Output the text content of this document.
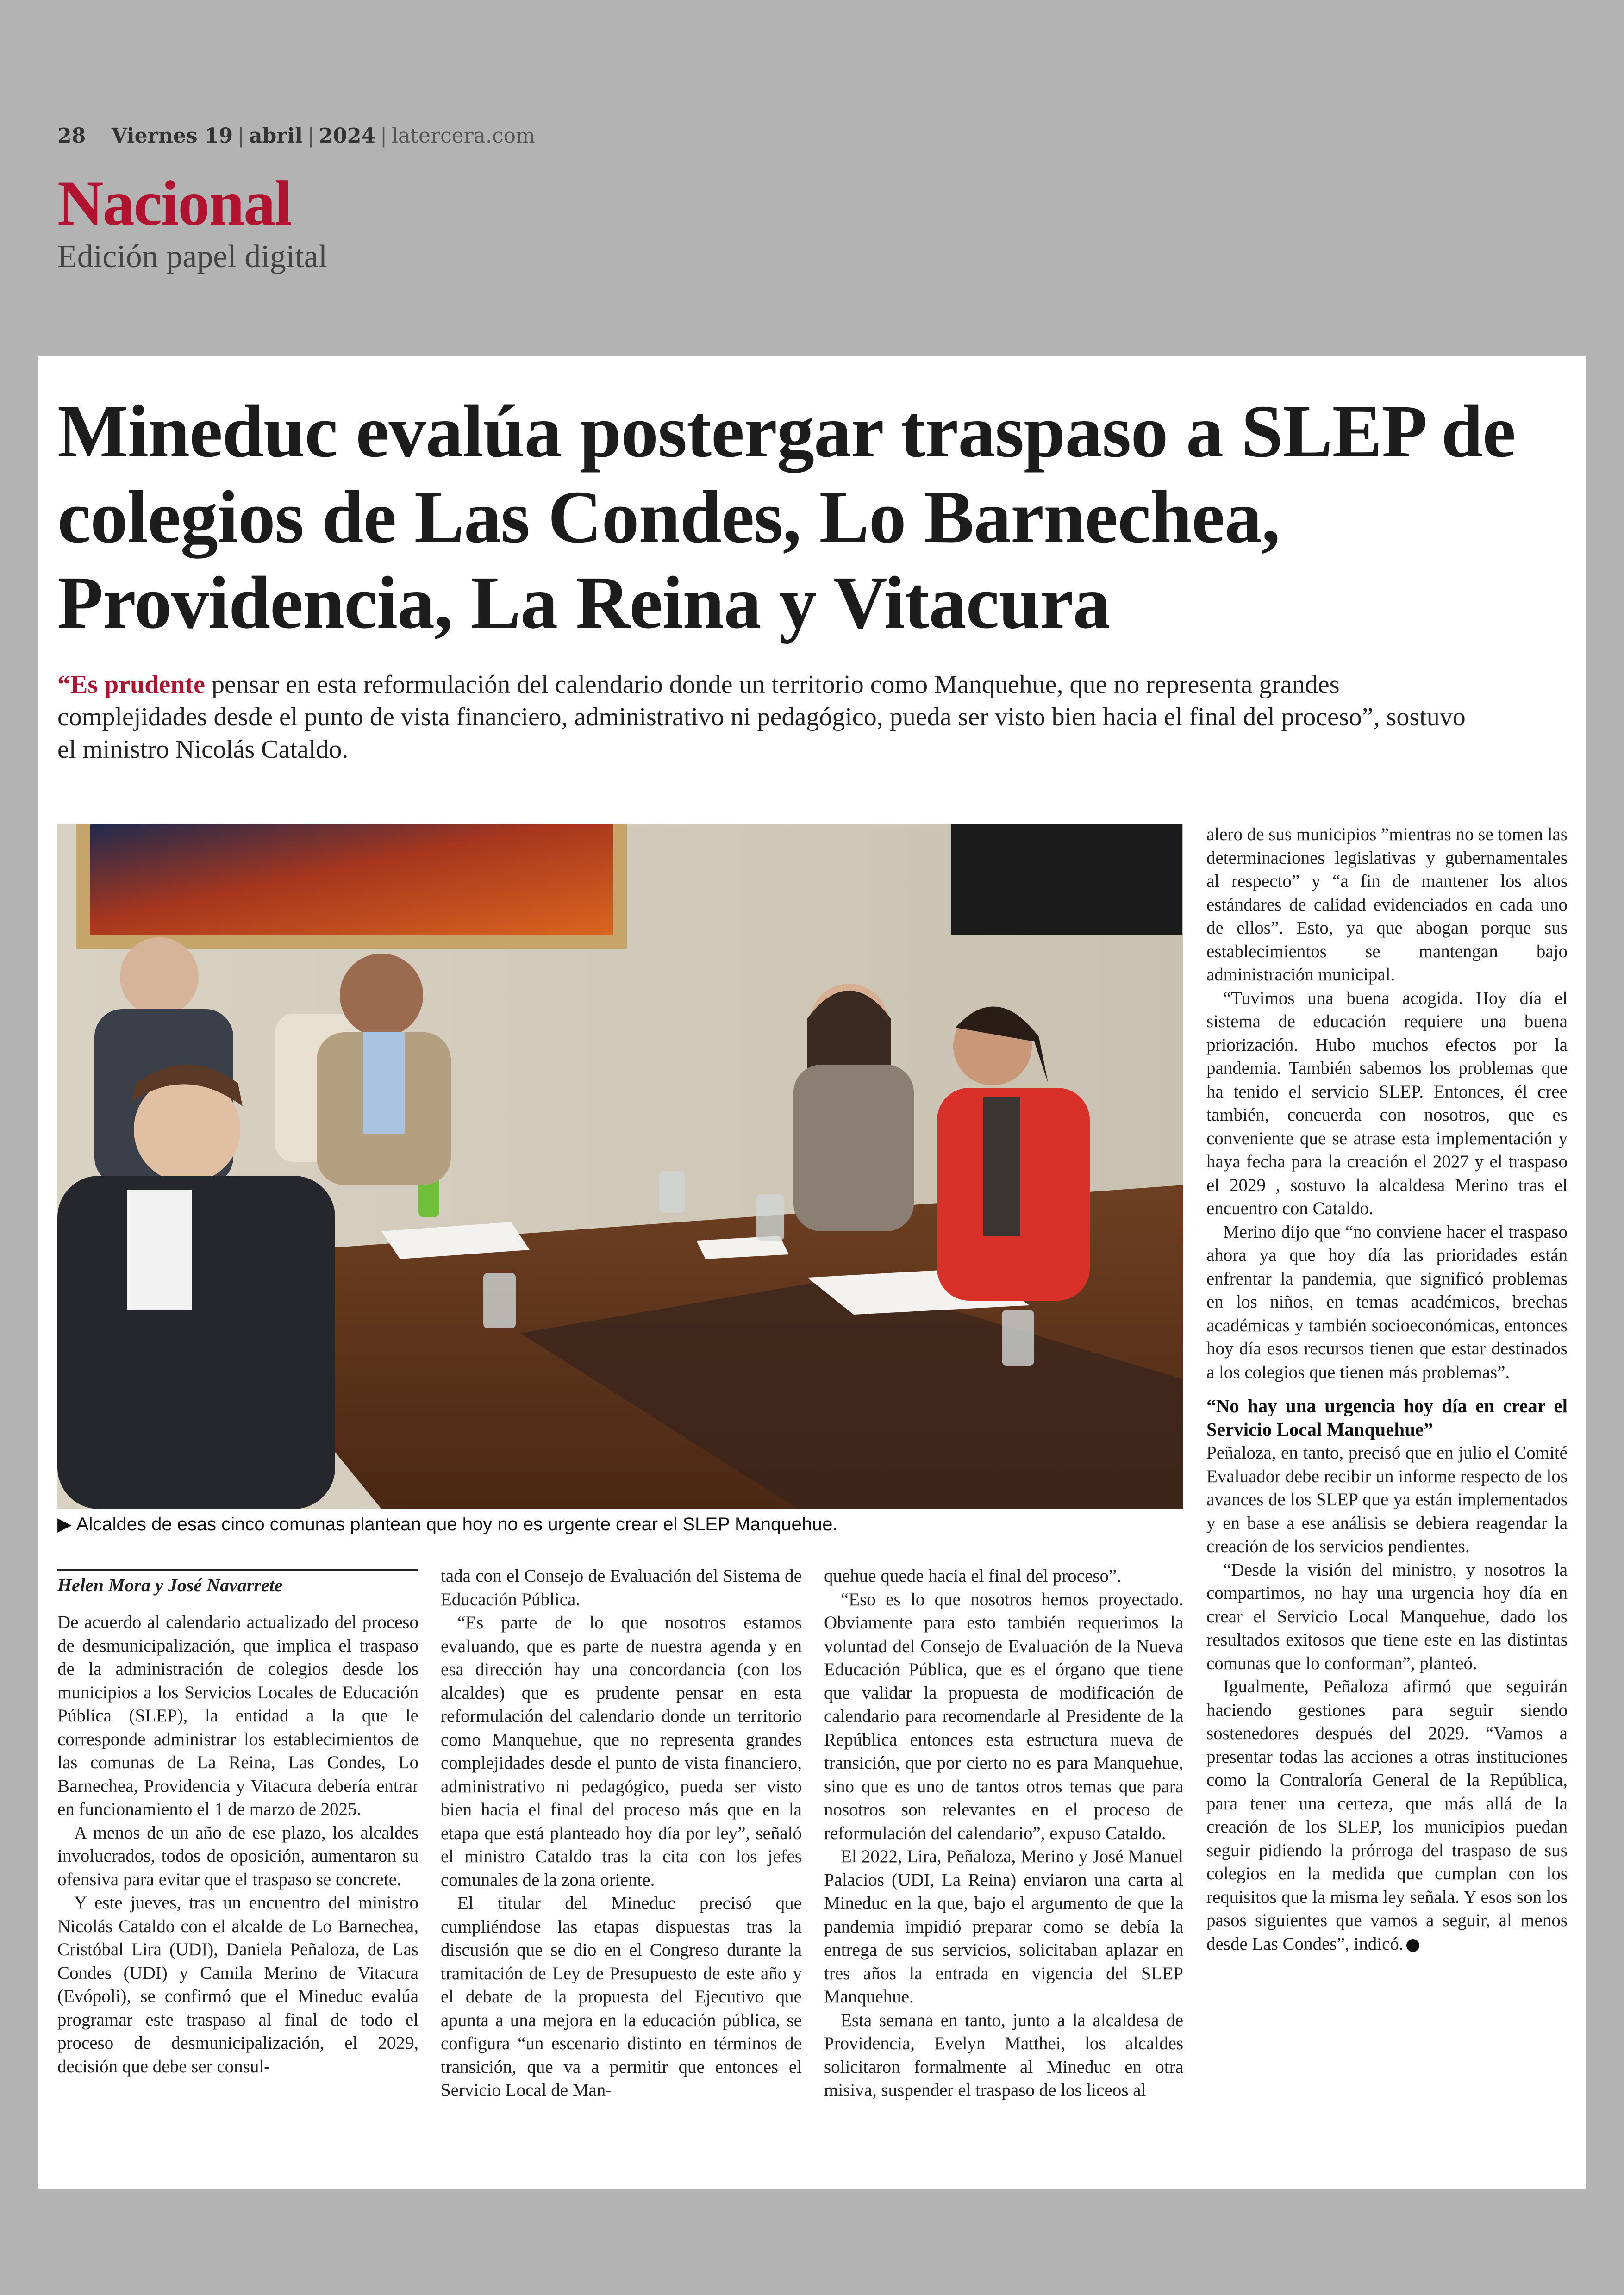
28 Viernes 19 | abril | 2024 | latercera.com
Nacional
Edición papel digital
Mineduc evalúa postergar traspaso a SLEP de colegios de Las Condes, Lo Barnechea, Providencia, La Reina y Vitacura
“Es prudente pensar en esta reformulación del calendario donde un territorio como Manquehue, que no representa grandes complejidades desde el punto de vista financiero, administrativo ni pedagógico, pueda ser visto bien hacia el final del proceso”, sostuvo el ministro Nicolás Cataldo.
▶ Alcaldes de esas cinco comunas plantean que hoy no es urgente crear el SLEP Manquehue.
Helen Mora y José Navarrete

De acuerdo al calendario actualizado del proceso de desmunicipalización, que implica el traspaso de la administración de colegios desde los municipios a los Servicios Locales de Educación Pública (SLEP), la entidad a la que le corresponde administrar los establecimientos de las comunas de La Reina, Las Condes, Lo Barnechea, Providencia y Vitacura debería entrar en funcionamiento el 1 de marzo de 2025.

A menos de un año de ese plazo, los alcaldes involucrados, todos de oposición, aumentaron su ofensiva para evitar que el traspaso se concrete.

Y este jueves, tras un encuentro del ministro Nicolás Cataldo con el alcalde de Lo Barnechea, Cristóbal Lira (UDI), Daniela Peñaloza, de Las Condes (UDI) y Camila Merino de Vitacura (Evópoli), se confirmó que el Mineduc evalúa programar este traspaso al final de todo el proceso de desmunicipalización, el 2029, decisión que debe ser consul-

tada con el Consejo de Evaluación del Sistema de Educación Pública.

“Es parte de lo que nosotros estamos evaluando, que es parte de nuestra agenda y en esa dirección hay una concordancia (con los alcaldes) que es prudente pensar en esta reformulación del calendario donde un territorio como Manquehue, que no representa grandes complejidades desde el punto de vista financiero, administrativo ni pedagógico, pueda ser visto bien hacia el final del proceso más que en la etapa que está planteado hoy día por ley”, señaló el ministro Cataldo tras la cita con los jefes comunales de la zona oriente.

El titular del Mineduc precisó que cumpliéndose las etapas dispuestas tras la discusión que se dio en el Congreso durante la tramitación de Ley de Presupuesto de este año y el debate de la propuesta del Ejecutivo que apunta a una mejora en la educación pública, se configura “un escenario distinto en términos de transición, que va a permitir que entonces el Servicio Local de Man-

quehue quede hacia el final del proceso”.

“Eso es lo que nosotros hemos proyectado. Obviamente para esto también requerimos la voluntad del Consejo de Evaluación de la Nueva Educación Pública, que es el órgano que tiene que validar la propuesta de modificación de calendario para recomendarle al Presidente de la República entonces esta estructura nueva de transición, que por cierto no es para Manquehue, sino que es uno de tantos otros temas que para nosotros son relevantes en el proceso de reformulación del calendario”, expuso Cataldo.

El 2022, Lira, Peñaloza, Merino y José Manuel Palacios (UDI, La Reina) enviaron una carta al Mineduc en la que, bajo el argumento de que la pandemia impidió preparar como se debía la entrega de sus servicios, solicitaban aplazar en tres años la entrada en vigencia del SLEP Manquehue.

Esta semana en tanto, junto a la alcaldesa de Providencia, Evelyn Matthei, los alcaldes solicitaron formalmente al Mineduc en otra misiva, suspender el traspaso de los liceos al

alero de sus municipios ”mientras no se tomen las determinaciones legislativas y gubernamentales al respecto” y “a fin de mantener los altos estándares de calidad evidenciados en cada uno de ellos”. Esto, ya que abogan porque sus establecimientos se mantengan bajo administración municipal.

“Tuvimos una buena acogida. Hoy día el sistema de educación requiere una buena priorización. Hubo muchos efectos por la pandemia. También sabemos los problemas que ha tenido el servicio SLEP. Entonces, él cree también, concuerda con nosotros, que es conveniente que se atrase esta implementación y haya fecha para la creación el 2027 y el traspaso el 2029 , sostuvo la alcaldesa Merino tras el encuentro con Cataldo.

Merino dijo que “no conviene hacer el traspaso ahora ya que hoy día las prioridades están enfrentar la pandemia, que significó problemas en los niños, en temas académicos, brechas académicas y también socioeconómicas, entonces hoy día esos recursos tienen que estar destinados a los colegios que tienen más problemas”.

“No hay una urgencia hoy día en crear el Servicio Local Manquehue”

Peñaloza, en tanto, precisó que en julio el Comité Evaluador debe recibir un informe respecto de los avances de los SLEP que ya están implementados y en base a ese análisis se debiera reagendar la creación de los servicios pendientes.

“Desde la visión del ministro, y nosotros la compartimos, no hay una urgencia hoy día en crear el Servicio Local Manquehue, dado los resultados exitosos que tiene este en las distintas comunas que lo conforman”, planteó.

Igualmente, Peñaloza afirmó que seguirán haciendo gestiones para seguir siendo sostenedores después del 2029. “Vamos a presentar todas las acciones a otras instituciones como la Contraloría General de la República, para tener una certeza, que más allá de la creación de los SLEP, los municipios puedan seguir pidiendo la prórroga del traspaso de sus colegios en la medida que cumplan con los requisitos que la misma ley señala. Y esos son los pasos siguientes que vamos a seguir, al menos desde Las Condes”, indicó.
